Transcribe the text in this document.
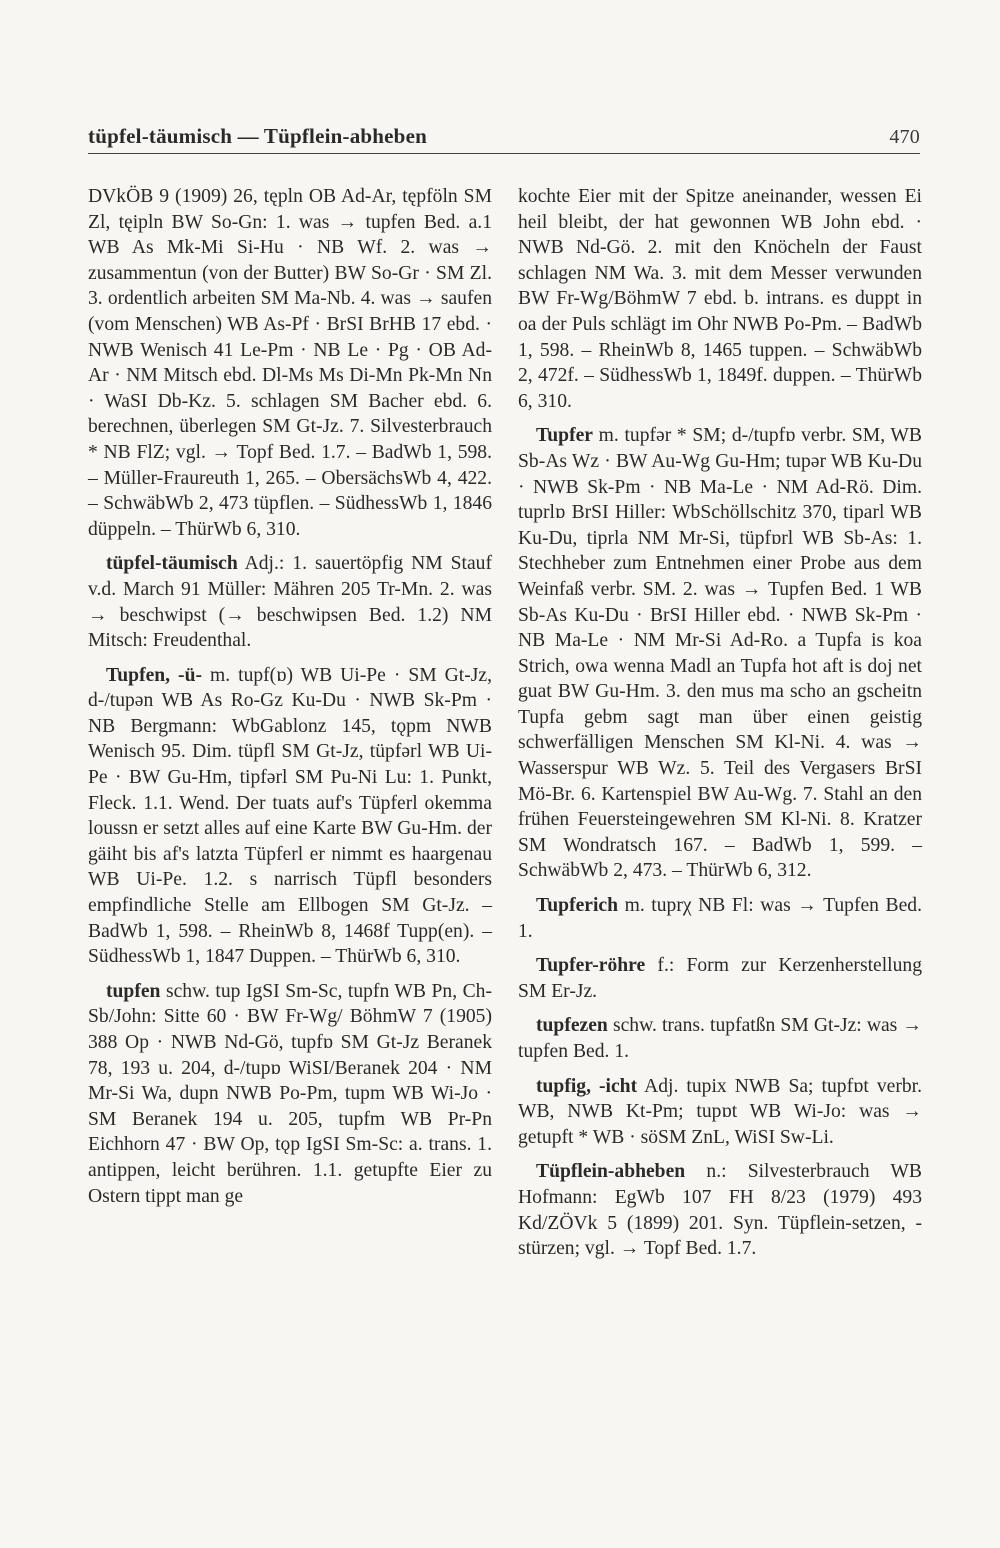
tüpfel-täumisch — Tüpflein-abheben	470

DVkÖB 9 (1909) 26, tępln OB Ad-Ar, tępföln SM Zl, tęipln BW So-Gn: 1. was → tupfen Bed. a.1 WB As Mk-Mi Si-Hu · NB Wf. 2. was → zusammentun (von der Butter) BW So-Gr · SM Zl. 3. ordentlich arbeiten SM Ma-Nb. 4. was → saufen (vom Menschen) WB As-Pf · BrSI BrHB 17 ebd. · NWB Wenisch 41 Le-Pm · NB Le · Pg · OB Ad-Ar · NM Mitsch ebd. Dl-Ms Ms Di-Mn Pk-Mn Nn · WaSI Db-Kz. 5. schlagen SM Bacher ebd. 6. berechnen, überlegen SM Gt-Jz. 7. Silvesterbrauch * NB FlZ; vgl. → Topf Bed. 1.7. – BadWb 1, 598. – Müller-Fraureuth 1, 265. – ObersächsWb 4, 422. – SchwäbWb 2, 473 tüpflen. – SüdhessWb 1, 1846 düppeln. – ThürWb 6, 310.

tüpfel-täumisch Adj.: 1. sauertöpfig NM Stauf v.d. March 91 Müller: Mähren 205 Tr-Mn. 2. was → beschwipst (→ beschwipsen Bed. 1.2) NM Mitsch: Freudenthal.

Tupfen, -ü- m. tupf(ɒ) WB Ui-Pe · SM Gt-Jz, d-/tupən WB As Ro-Gz Ku-Du · NWB Sk-Pm · NB Bergmann: WbGablonz 145, tǫpm NWB Wenisch 95. Dim. tüpfl SM Gt-Jz, tüpfərl WB Ui-Pe · BW Gu-Hm, tipfərl SM Pu-Ni Lu: 1. Punkt, Fleck. 1.1. Wend. Der tuats auf's Tüpferl okemma loussn er setzt alles auf eine Karte BW Gu-Hm. der gäiht bis af's latzta Tüpferl er nimmt es haargenau WB Ui-Pe. 1.2. s narrisch Tüpfl besonders empfindliche Stelle am Ellbogen SM Gt-Jz. – BadWb 1, 598. – RheinWb 8, 1468f Tupp(en). – SüdhessWb 1, 1847 Duppen. – ThürWb 6, 310.

tupfen schw. tup IgSI Sm-Sc, tupfn WB Pn, Ch-Sb/John: Sitte 60 · BW Fr-Wg/ BöhmW 7 (1905) 388 Op · NWB Nd-Gö, tupfɒ SM Gt-Jz Beranek 78, 193 u. 204, d-/tupɒ WiSI/Beranek 204 · NM Mr-Si Wa, dupn NWB Po-Pm, tupm WB Wi-Jo · SM Beranek 194 u. 205, tupfm WB Pr-Pn Eichhorn 47 · BW Op, tǫp IgSI Sm-Sc: a. trans. 1. antippen, leicht berühren. 1.1. getupfte Eier zu Ostern tippt man ge

kochte Eier mit der Spitze aneinander, wessen Ei heil bleibt, der hat gewonnen WB John ebd. · NWB Nd-Gö. 2. mit den Knöcheln der Faust schlagen NM Wa. 3. mit dem Messer verwunden BW Fr-Wg/BöhmW 7 ebd. b. intrans. es duppt in oa der Puls schlägt im Ohr NWB Po-Pm. – BadWb 1, 598. – RheinWb 8, 1465 tuppen. – SchwäbWb 2, 472f. – SüdhessWb 1, 1849f. duppen. – ThürWb 6, 310.

Tupfer m. tupfər * SM; d-/tupfɒ verbr. SM, WB Sb-As Wz · BW Au-Wg Gu-Hm; tupər WB Ku-Du · NWB Sk-Pm · NB Ma-Le · NM Ad-Rö. Dim. tuprlɒ BrSI Hiller: WbSchöllschitz 370, tiparl WB Ku-Du, tiprla NM Mr-Si, tüpfɒrl WB Sb-As: 1. Stechheber zum Entnehmen einer Probe aus dem Weinfaß verbr. SM. 2. was → Tupfen Bed. 1 WB Sb-As Ku-Du · BrSI Hiller ebd. · NWB Sk-Pm · NB Ma-Le · NM Mr-Si Ad-Ro. a Tupfa is koa Strich, owa wenna Madl an Tupfa hot aft is doj net guat BW Gu-Hm. 3. den mus ma scho an gscheitn Tupfa gebm sagt man über einen geistig schwerfälligen Menschen SM Kl-Ni. 4. was → Wasserspur WB Wz. 5. Teil des Vergasers BrSI Mö-Br. 6. Kartenspiel BW Au-Wg. 7. Stahl an den frühen Feuersteingewehren SM Kl-Ni. 8. Kratzer SM Wondratsch 167. – BadWb 1, 599. – SchwäbWb 2, 473. – ThürWb 6, 312.

Tupferich m. tuprχ NB Fl: was → Tupfen Bed. 1.

Tupfer-röhre f.: Form zur Kerzenherstellung SM Er-Jz.

tupfezen schw. trans. tupfatßn SM Gt-Jz: was → tupfen Bed. 1.

tupfig, -icht Adj. tupix NWB Sa; tupfɒt verbr. WB, NWB Kt-Pm; tupɒt WB Wi-Jo: was → getupft * WB · söSM ZnL, WiSI Sw-Li.

Tüpflein-abheben n.: Silvesterbrauch WB Hofmann: EgWb 107 FH 8/23 (1979) 493 Kd/ZÖVk 5 (1899) 201. Syn. Tüpflein-setzen, -stürzen; vgl. → Topf Bed. 1.7.
